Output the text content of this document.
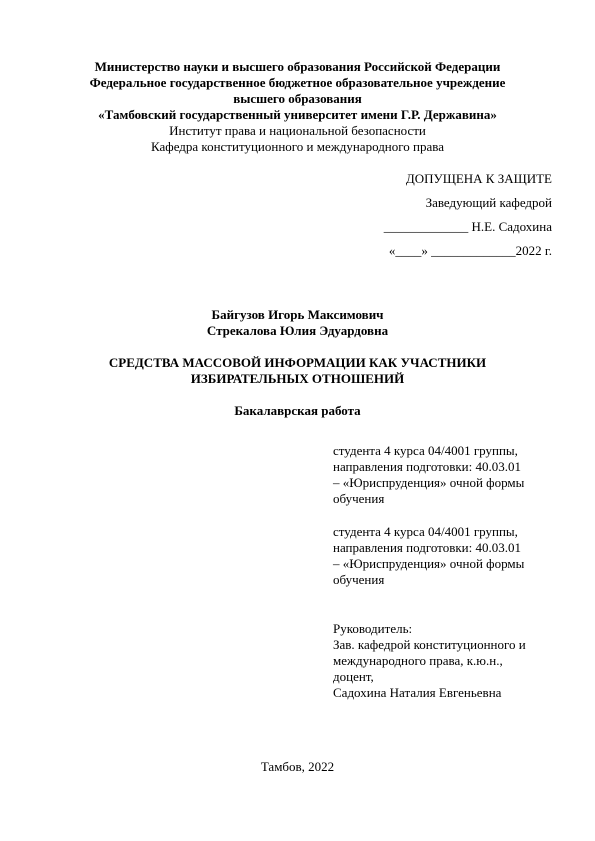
Министерство науки и высшего образования Российской Федерации
Федеральное государственное бюджетное образовательное учреждение
высшего образования
«Тамбовский государственный университет имени Г.Р. Державина»
Институт права и национальной безопасности
Кафедра конституционного и международного права
ДОПУЩЕНА К ЗАЩИТЕ
Заведующий кафедрой
_____________ Н.Е. Садохина
«____» _____________2022 г.
Байгузов Игорь Максимович
Стрекалова Юлия Эдуардовна
СРЕДСТВА МАССОВОЙ ИНФОРМАЦИИ КАК УЧАСТНИКИ
ИЗБИРАТЕЛЬНЫХ ОТНОШЕНИЙ
Бакалаврская работа
студента 4 курса 04/4001 группы,
направления подготовки: 40.03.01
– «Юриспруденция» очной формы
обучения
студента 4 курса 04/4001 группы,
направления подготовки: 40.03.01
– «Юриспруденция» очной формы
обучения
Руководитель:
Зав. кафедрой конституционного и
международного права, к.ю.н.,
доцент,
Садохина Наталия Евгеньевна
Тамбов, 2022
